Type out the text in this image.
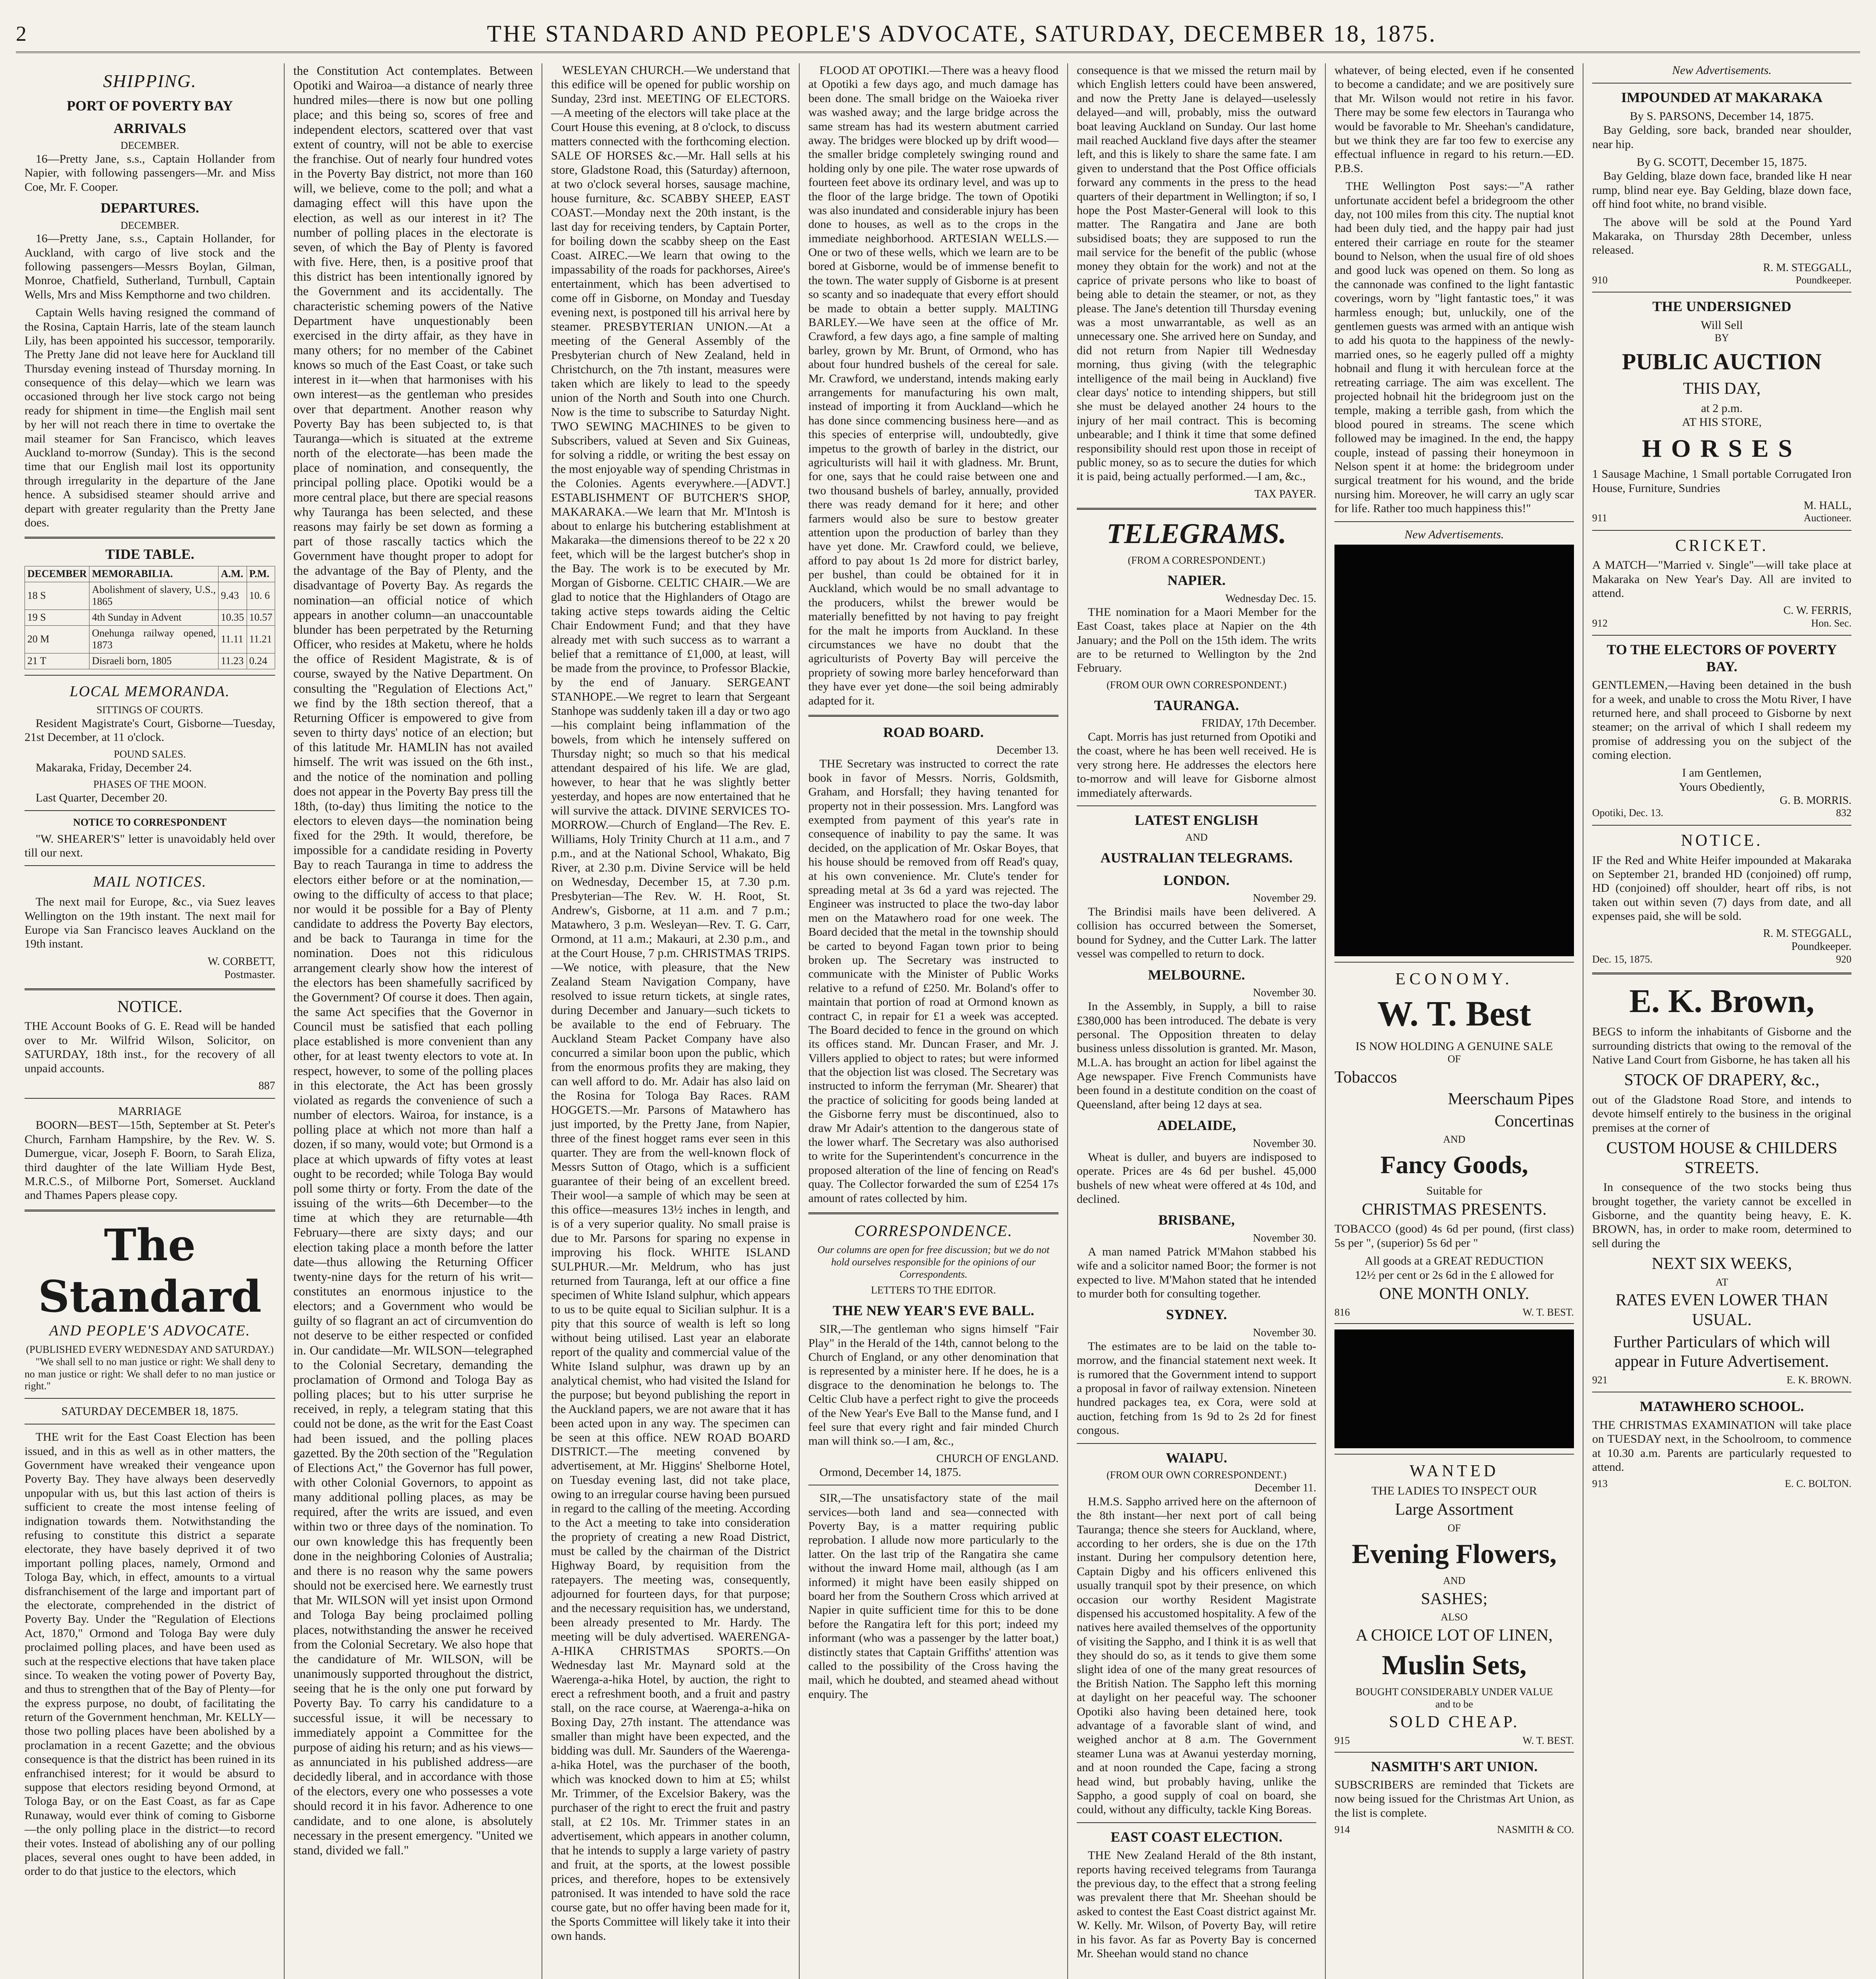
2	THE STANDARD AND PEOPLE'S ADVOCATE, SATURDAY, DECEMBER 18, 1875.
SHIPPING.
PORT OF POVERTY BAY
ARRIVALS
DECEMBER.

16—Pretty Jane, s.s., Captain Hollander from Napier, with following passengers—Mr. and Miss Coe, Mr. F. Cooper.

DEPARTURES.
DECEMBER.

16—Pretty Jane, s.s., Captain Hollander, for Auckland, with cargo of live stock and the following passengers—Messrs Boylan, Gilman, Monroe, Chatfield, Sutherland, Turnbull, Captain Wells, Mrs and Miss Kempthorne and two children.

Captain Wells having resigned the command of the Rosina, Captain Harris, late of the steam launch Lily, has been appointed his successor, temporarily. The Pretty Jane did not leave here for Auckland till Thursday evening instead of Thursday morning. In consequence of this delay—which we learn was occasioned through her live stock cargo not being ready for shipment in time—the English mail sent by her will not reach there in time to overtake the mail steamer for San Francisco, which leaves Auckland to-morrow (Sunday). This is the second time that our English mail lost its opportunity through irregularity in the departure of the Jane hence. A subsidised steamer should arrive and depart with greater regularity than the Pretty Jane does.

TIDE TABLE.
DECEMBER	MEMORABILIA.	A.M.	P.M.
18 S	Abolishment of slavery, U.S., 1865	9.43	10. 6
19 S	4th Sunday in Advent	10.35	10.57
20 M	Onehunga railway opened, 1873	11.11	11.21
21 T	Disraeli born, 1805	11.23	0.24
LOCAL MEMORANDA.
SITTINGS OF COURTS.

Resident Magistrate's Court, Gisborne—Tuesday, 21st December, at 11 o'clock.

POUND SALES.

Makaraka, Friday, December 24.

PHASES OF THE MOON.

Last Quarter, December 20.

NOTICE TO CORRESPONDENT

"W. SHEARER'S" letter is unavoidably held over till our next.

MAIL NOTICES.

The next mail for Europe, &c., via Suez leaves Wellington on the 19th instant. The next mail for Europe via San Francisco leaves Auckland on the 19th instant.

W. CORBETT,
Postmaster.
NOTICE.

THE Account Books of G. E. Read will be handed over to Mr. Wilfrid Wilson, Solicitor, on SATURDAY, 18th inst., for the recovery of all unpaid accounts.

887
MARRIAGE

BOORN—BEST—15th, September at St. Peter's Church, Farnham Hampshire, by the Rev. W. S. Dumergue, vicar, Joseph F. Boorn, to Sarah Eliza, third daughter of the late William Hyde Best, M.R.C.S., of Milborne Port, Somerset. Auckland and Thames Papers please copy.

The Standard
AND PEOPLE'S ADVOCATE.
(PUBLISHED EVERY WEDNESDAY AND SATURDAY.)

"We shall sell to no man justice or right: We shall deny to no man justice or right: We shall defer to no man justice or right."

SATURDAY DECEMBER 18, 1875.

THE writ for the East Coast Election has been issued, and in this as well as in other matters, the Government have wreaked their vengeance upon Poverty Bay. They have always been deservedly unpopular with us, but this last action of theirs is sufficient to create the most intense feeling of indignation towards them. Notwithstanding the refusing to constitute this district a separate electorate, they have basely deprived it of two important polling places, namely, Ormond and Tologa Bay, which, in effect, amounts to a virtual disfranchisement of the large and important part of the electorate, comprehended in the district of Poverty Bay. Under the "Regulation of Elections Act, 1870," Ormond and Tologa Bay were duly proclaimed polling places, and have been used as such at the respective elections that have taken place since. To weaken the voting power of Poverty Bay, and thus to strengthen that of the Bay of Plenty—for the express purpose, no doubt, of facilitating the return of the Government henchman, Mr. KELLY—those two polling places have been abolished by a proclamation in a recent Gazette; and the obvious consequence is that the district has been ruined in its enfranchised interest; for it would be absurd to suppose that electors residing beyond Ormond, at Tologa Bay, or on the East Coast, as far as Cape Runaway, would ever think of coming to Gisborne—the only polling place in the district—to record their votes. Instead of abolishing any of our polling places, several ones ought to have been added, in order to do that justice to the electors, which

the Constitution Act contemplates. Between Opotiki and Wairoa—a distance of nearly three hundred miles—there is now but one polling place; and this being so, scores of free and independent electors, scattered over that vast extent of country, will not be able to exercise the franchise. Out of nearly four hundred votes in the Poverty Bay district, not more than 160 will, we believe, come to the poll; and what a damaging effect will this have upon the election, as well as our interest in it? The number of polling places in the electorate is seven, of which the Bay of Plenty is favored with five. Here, then, is a positive proof that this district has been intentionally ignored by the Government and its accidentally. The characteristic scheming powers of the Native Department have unquestionably been exercised in the dirty affair, as they have in many others; for no member of the Cabinet knows so much of the East Coast, or take such interest in it—when that harmonises with his own interest—as the gentleman who presides over that department. Another reason why Poverty Bay has been subjected to, is that Tauranga—which is situated at the extreme north of the electorate—has been made the place of nomination, and consequently, the principal polling place. Opotiki would be a more central place, but there are special reasons why Tauranga has been selected, and these reasons may fairly be set down as forming a part of those rascally tactics which the Government have thought proper to adopt for the advantage of the Bay of Plenty, and the disadvantage of Poverty Bay. As regards the nomination—an official notice of which appears in another column—an unaccountable blunder has been perpetrated by the Returning Officer, who resides at Maketu, where he holds the office of Resident Magistrate, & is of course, swayed by the Native Department. On consulting the "Regulation of Elections Act," we find by the 18th section thereof, that a Returning Officer is empowered to give from seven to thirty days' notice of an election; but of this latitude Mr. HAMLIN has not availed himself. The writ was issued on the 6th inst., and the notice of the nomination and polling does not appear in the Poverty Bay press till the 18th, (to-day) thus limiting the notice to the electors to eleven days—the nomination being fixed for the 29th. It would, therefore, be impossible for a candidate residing in Poverty Bay to reach Tauranga in time to address the electors either before or at the nomination,—owing to the difficulty of access to that place; nor would it be possible for a Bay of Plenty candidate to address the Poverty Bay electors, and be back to Tauranga in time for the nomination. Does not this ridiculous arrangement clearly show how the interest of the electors has been shamefully sacrificed by the Government? Of course it does. Then again, the same Act specifies that the Governor in Council must be satisfied that each polling place established is more convenient than any other, for at least twenty electors to vote at. In respect, however, to some of the polling places in this electorate, the Act has been grossly violated as regards the convenience of such a number of electors. Wairoa, for instance, is a polling place at which not more than half a dozen, if so many, would vote; but Ormond is a place at which upwards of fifty votes at least ought to be recorded; while Tologa Bay would poll some thirty or forty. From the date of the issuing of the writs—6th December—to the time at which they are returnable—4th February—there are sixty days; and our election taking place a month before the latter date—thus allowing the Returning Officer twenty-nine days for the return of his writ—constitutes an enormous injustice to the electors; and a Government who would be guilty of so flagrant an act of circumvention do not deserve to be either respected or confided in. Our candidate—Mr. WILSON—telegraphed to the Colonial Secretary, demanding the proclamation of Ormond and Tologa Bay as polling places; but to his utter surprise he received, in reply, a telegram stating that this could not be done, as the writ for the East Coast had been issued, and the polling places gazetted. By the 20th section of the "Regulation of Elections Act," the Governor has full power, with other Colonial Governors, to appoint as many additional polling places, as may be required, after the writs are issued, and even within two or three days of the nomination. To our own knowledge this has frequently been done in the neighboring Colonies of Australia; and there is no reason why the same powers should not be exercised here. We earnestly trust that Mr. WILSON will yet insist upon Ormond and Tologa Bay being proclaimed polling places, notwithstanding the answer he received from the Colonial Secretary. We also hope that the candidature of Mr. WILSON, will be unanimously supported throughout the district, seeing that he is the only one put forward by Poverty Bay. To carry his candidature to a successful issue, it will be necessary to immediately appoint a Committee for the purpose of aiding his return; and as his views—as annunciated in his published address—are decidedly liberal, and in accordance with those of the electors, every one who possesses a vote should record it in his favor. Adherence to one candidate, and to one alone, is absolutely necessary in the present emergency. "United we stand, divided we fall."

WESLEYAN CHURCH.—We understand that this edifice will be opened for public worship on Sunday, 23rd inst. MEETING OF ELECTORS.—A meeting of the electors will take place at the Court House this evening, at 8 o'clock, to discuss matters connected with the forthcoming election. SALE OF HORSES &c.—Mr. Hall sells at his store, Gladstone Road, this (Saturday) afternoon, at two o'clock several horses, sausage machine, house furniture, &c. SCABBY SHEEP, EAST COAST.—Monday next the 20th instant, is the last day for receiving tenders, by Captain Porter, for boiling down the scabby sheep on the East Coast. AIREC.—We learn that owing to the impassability of the roads for packhorses, Airee's entertainment, which has been advertised to come off in Gisborne, on Monday and Tuesday evening next, is postponed till his arrival here by steamer. PRESBYTERIAN UNION.—At a meeting of the General Assembly of the Presbyterian church of New Zealand, held in Christchurch, on the 7th instant, measures were taken which are likely to lead to the speedy union of the North and South into one Church. Now is the time to subscribe to Saturday Night. TWO SEWING MACHINES to be given to Subscribers, valued at Seven and Six Guineas, for solving a riddle, or writing the best essay on the most enjoyable way of spending Christmas in the Colonies. Agents everywhere.—[ADVT.] ESTABLISHMENT OF BUTCHER'S SHOP, MAKARAKA.—We learn that Mr. M'Intosh is about to enlarge his butchering establishment at Makaraka—the dimensions thereof to be 22 x 20 feet, which will be the largest butcher's shop in the Bay. The work is to be executed by Mr. Morgan of Gisborne. CELTIC CHAIR.—We are glad to notice that the Highlanders of Otago are taking active steps towards aiding the Celtic Chair Endowment Fund; and that they have already met with such success as to warrant a belief that a remittance of £1,000, at least, will be made from the province, to Professor Blackie, by the end of January. SERGEANT STANHOPE.—We regret to learn that Sergeant Stanhope was suddenly taken ill a day or two ago—his complaint being inflammation of the bowels, from which he intensely suffered on Thursday night; so much so that his medical attendant despaired of his life. We are glad, however, to hear that he was slightly better yesterday, and hopes are now entertained that he will survive the attack. DIVINE SERVICES TO-MORROW.—Church of England—The Rev. E. Williams, Holy Trinity Church at 11 a.m., and 7 p.m., and at the National School, Whakato, Big River, at 2.30 p.m. Divine Service will be held on Wednesday, December 15, at 7.30 p.m. Presbyterian—The Rev. W. H. Root, St. Andrew's, Gisborne, at 11 a.m. and 7 p.m.; Matawhero, 3 p.m. Wesleyan—Rev. T. G. Carr, Ormond, at 11 a.m.; Makauri, at 2.30 p.m., and at the Court House, 7 p.m. CHRISTMAS TRIPS.—We notice, with pleasure, that the New Zealand Steam Navigation Company, have resolved to issue return tickets, at single rates, during December and January—such tickets to be available to the end of February. The Auckland Steam Packet Company have also concurred a similar boon upon the public, which from the enormous profits they are making, they can well afford to do. Mr. Adair has also laid on the Rosina for Tologa Bay Races. RAM HOGGETS.—Mr. Parsons of Matawhero has just imported, by the Pretty Jane, from Napier, three of the finest hogget rams ever seen in this quarter. They are from the well-known flock of Messrs Sutton of Otago, which is a sufficient guarantee of their being of an excellent breed. Their wool—a sample of which may be seen at this office—measures 13½ inches in length, and is of a very superior quality. No small praise is due to Mr. Parsons for sparing no expense in improving his flock. WHITE ISLAND SULPHUR.—Mr. Meldrum, who has just returned from Tauranga, left at our office a fine specimen of White Island sulphur, which appears to us to be quite equal to Sicilian sulphur. It is a pity that this source of wealth is left so long without being utilised. Last year an elaborate report of the quality and commercial value of the White Island sulphur, was drawn up by an analytical chemist, who had visited the Island for the purpose; but beyond publishing the report in the Auckland papers, we are not aware that it has been acted upon in any way. The specimen can be seen at this office. NEW ROAD BOARD DISTRICT.—The meeting convened by advertisement, at Mr. Higgins' Shelborne Hotel, on Tuesday evening last, did not take place, owing to an irregular course having been pursued in regard to the calling of the meeting. According to the Act a meeting to take into consideration the propriety of creating a new Road District, must be called by the chairman of the District Highway Board, by requisition from the ratepayers. The meeting was, consequently, adjourned for fourteen days, for that purpose; and the necessary requisition has, we understand, been already presented to Mr. Hardy. The meeting will be duly advertised. WAERENGA-A-HIKA CHRISTMAS SPORTS.—On Wednesday last Mr. Maynard sold at the Waerenga-a-hika Hotel, by auction, the right to erect a refreshment booth, and a fruit and pastry stall, on the race course, at Waerenga-a-hika on Boxing Day, 27th instant. The attendance was smaller than might have been expected, and the bidding was dull. Mr. Saunders of the Waerenga-a-hika Hotel, was the purchaser of the booth, which was knocked down to him at £5; whilst Mr. Trimmer, of the Excelsior Bakery, was the purchaser of the right to erect the fruit and pastry stall, at £2 10s. Mr. Trimmer states in an advertisement, which appears in another column, that he intends to supply a large variety of pastry and fruit, at the sports, at the lowest possible prices, and therefore, hopes to be extensively patronised. It was intended to have sold the race course gate, but no offer having been made for it, the Sports Committee will likely take it into their own hands.

FLOOD AT OPOTIKI.—There was a heavy flood at Opotiki a few days ago, and much damage has been done. The small bridge on the Waioeka river was washed away; and the large bridge across the same stream has had its western abutment carried away. The bridges were blocked up by drift wood—the smaller bridge completely swinging round and holding only by one pile. The water rose upwards of fourteen feet above its ordinary level, and was up to the floor of the large bridge. The town of Opotiki was also inundated and considerable injury has been done to houses, as well as to the crops in the immediate neighborhood. ARTESIAN WELLS.—One or two of these wells, which we learn are to be bored at Gisborne, would be of immense benefit to the town. The water supply of Gisborne is at present so scanty and so inadequate that every effort should be made to obtain a better supply. MALTING BARLEY.—We have seen at the office of Mr. Crawford, a few days ago, a fine sample of malting barley, grown by Mr. Brunt, of Ormond, who has about four hundred bushels of the cereal for sale. Mr. Crawford, we understand, intends making early arrangements for manufacturing his own malt, instead of importing it from Auckland—which he has done since commencing business here—and as this species of enterprise will, undoubtedly, give impetus to the growth of barley in the district, our agriculturists will hail it with gladness. Mr. Brunt, for one, says that he could raise between one and two thousand bushels of barley, annually, provided there was ready demand for it here; and other farmers would also be sure to bestow greater attention upon the production of barley than they have yet done. Mr. Crawford could, we believe, afford to pay about 1s 2d more for district barley, per bushel, than could be obtained for it in Auckland, which would be no small advantage to the producers, whilst the brewer would be materially benefitted by not having to pay freight for the malt he imports from Auckland. In these circumstances we have no doubt that the agriculturists of Poverty Bay will perceive the propriety of sowing more barley henceforward than they have ever yet done—the soil being admirably adapted for it.

ROAD BOARD.
December 13.

THE Secretary was instructed to correct the rate book in favor of Messrs. Norris, Goldsmith, Graham, and Horsfall; they having tenanted for property not in their possession. Mrs. Langford was exempted from payment of this year's rate in consequence of inability to pay the same. It was decided, on the application of Mr. Oskar Boyes, that his house should be removed from off Read's quay, at his own convenience. Mr. Clute's tender for spreading metal at 3s 6d a yard was rejected. The Engineer was instructed to place the two-day labor men on the Matawhero road for one week. The Board decided that the metal in the township should be carted to beyond Fagan town prior to being broken up. The Secretary was instructed to communicate with the Minister of Public Works relative to a refund of £250. Mr. Boland's offer to maintain that portion of road at Ormond known as contract C, in repair for £1 a week was accepted. The Board decided to fence in the ground on which its offices stand. Mr. Duncan Fraser, and Mr. J. Villers applied to object to rates; but were informed that the objection list was closed. The Secretary was instructed to inform the ferryman (Mr. Shearer) that the practice of soliciting for goods being landed at the Gisborne ferry must be discontinued, also to draw Mr Adair's attention to the dangerous state of the lower wharf. The Secretary was also authorised to write for the Superintendent's concurrence in the proposed alteration of the line of fencing on Read's quay. The Collector forwarded the sum of £254 17s amount of rates collected by him.

CORRESPONDENCE.

Our columns are open for free discussion; but we do not hold ourselves responsible for the opinions of our Correspondents.

LETTERS TO THE EDITOR.
THE NEW YEAR'S EVE BALL.

SIR,—The gentleman who signs himself "Fair Play" in the Herald of the 14th, cannot belong to the Church of England, or any other denomination that is represented by a minister here. If he does, he is a disgrace to the denomination he belongs to. The Celtic Club have a perfect right to give the proceeds of the New Year's Eve Ball to the Manse fund, and I feel sure that every right and fair minded Church man will think so.—I am, &c.,

CHURCH OF ENGLAND.

Ormond, December 14, 1875.

SIR,—The unsatisfactory state of the mail services—both land and sea—connected with Poverty Bay, is a matter requiring public reprobation. I allude now more particularly to the latter. On the last trip of the Rangatira she came without the inward Home mail, although (as I am informed) it might have been easily shipped on board her from the Southern Cross which arrived at Napier in quite sufficient time for this to be done before the Rangatira left for this port; indeed my informant (who was a passenger by the latter boat,) distinctly states that Captain Griffiths' attention was called to the possibility of the Cross having the mail, which he doubted, and steamed ahead without enquiry. The

consequence is that we missed the return mail by which English letters could have been answered, and now the Pretty Jane is delayed—uselessly delayed—and will, probably, miss the outward boat leaving Auckland on Sunday. Our last home mail reached Auckland five days after the steamer left, and this is likely to share the same fate. I am given to understand that the Post Office officials forward any comments in the press to the head quarters of their department in Wellington; if so, I hope the Post Master-General will look to this matter. The Rangatira and Jane are both subsidised boats; they are supposed to run the mail service for the benefit of the public (whose money they obtain for the work) and not at the caprice of private persons who like to boast of being able to detain the steamer, or not, as they please. The Jane's detention till Thursday evening was a most unwarrantable, as well as an unnecessary one. She arrived here on Sunday, and did not return from Napier till Wednesday morning, thus giving (with the telegraphic intelligence of the mail being in Auckland) five clear days' notice to intending shippers, but still she must be delayed another 24 hours to the injury of her mail contract. This is becoming unbearable; and I think it time that some defined responsibility should rest upon those in receipt of public money, so as to secure the duties for which it is paid, being actually performed.—I am, &c.,

TAX PAYER.
TELEGRAMS.
(FROM A CORRESPONDENT.)
NAPIER.
Wednesday Dec. 15.

THE nomination for a Maori Member for the East Coast, takes place at Napier on the 4th January; and the Poll on the 15th idem. The writs are to be returned to Wellington by the 2nd February.

(FROM OUR OWN CORRESPONDENT.)
TAURANGA.
FRIDAY, 17th December.

Capt. Morris has just returned from Opotiki and the coast, where he has been well received. He is very strong here. He addresses the electors here to-morrow and will leave for Gisborne almost immediately afterwards.

LATEST ENGLISH
AND
AUSTRALIAN TELEGRAMS.
LONDON.
November 29.

The Brindisi mails have been delivered. A collision has occurred between the Somerset, bound for Sydney, and the Cutter Lark. The latter vessel was compelled to return to dock.

MELBOURNE.
November 30.

In the Assembly, in Supply, a bill to raise £380,000 has been introduced. The debate is very personal. The Opposition threaten to delay business unless dissolution is granted. Mr. Mason, M.L.A. has brought an action for libel against the Age newspaper. Five French Communists have been found in a destitute condition on the coast of Queensland, after being 12 days at sea.

ADELAIDE,
November 30.

Wheat is duller, and buyers are indisposed to operate. Prices are 4s 6d per bushel. 45,000 bushels of new wheat were offered at 4s 10d, and declined.

BRISBANE,
November 30.

A man named Patrick M'Mahon stabbed his wife and a solicitor named Boor; the former is not expected to live. M'Mahon stated that he intended to murder both for consulting together.

SYDNEY.
November 30.

The estimates are to be laid on the table to-morrow, and the financial statement next week. It is rumored that the Government intend to support a proposal in favor of railway extension. Nineteen hundred packages tea, ex Cora, were sold at auction, fetching from 1s 9d to 2s 2d for finest congous.

WAIAPU.
(FROM OUR OWN CORRESPONDENT.)
December 11.

H.M.S. Sappho arrived here on the afternoon of the 8th instant—her next port of call being Tauranga; thence she steers for Auckland, where, according to her orders, she is due on the 17th instant. During her compulsory detention here, Captain Digby and his officers enlivened this usually tranquil spot by their presence, on which occasion our worthy Resident Magistrate dispensed his accustomed hospitality. A few of the natives here availed themselves of the opportunity of visiting the Sappho, and I think it is as well that they should do so, as it tends to give them some slight idea of one of the many great resources of the British Nation. The Sappho left this morning at daylight on her peaceful way. The schooner Opotiki also having been detained here, took advantage of a favorable slant of wind, and weighed anchor at 8 a.m. The Government steamer Luna was at Awanui yesterday morning, and at noon rounded the Cape, facing a strong head wind, but probably having, unlike the Sappho, a good supply of coal on board, she could, without any difficulty, tackle King Boreas.

EAST COAST ELECTION.

THE New Zealand Herald of the 8th instant, reports having received telegrams from Tauranga the previous day, to the effect that a strong feeling was prevalent there that Mr. Sheehan should be asked to contest the East Coast district against Mr. W. Kelly. Mr. Wilson, of Poverty Bay, will retire in his favor. As far as Poverty Bay is concerned Mr. Sheehan would stand no chance

whatever, of being elected, even if he consented to become a candidate; and we are positively sure that Mr. Wilson would not retire in his favor. There may be some few electors in Tauranga who would be favorable to Mr. Sheehan's candidature, but we think they are far too few to exercise any effectual influence in regard to his return.—ED. P.B.S.

THE Wellington Post says:—"A rather unfortunate accident befel a bridegroom the other day, not 100 miles from this city. The nuptial knot had been duly tied, and the happy pair had just entered their carriage en route for the steamer bound to Nelson, when the usual fire of old shoes and good luck was opened on them. So long as the cannonade was confined to the light fantastic coverings, worn by "light fantastic toes," it was harmless enough; but, unluckily, one of the gentlemen guests was armed with an antique wish to add his quota to the happiness of the newly-married ones, so he eagerly pulled off a mighty hobnail and flung it with herculean force at the retreating carriage. The aim was excellent. The projected hobnail hit the bridegroom just on the temple, making a terrible gash, from which the blood poured in streams. The scene which followed may be imagined. In the end, the happy couple, instead of passing their honeymoon in Nelson spent it at home: the bridegroom under surgical treatment for his wound, and the bride nursing him. Moreover, he will carry an ugly scar for life. Rather too much happiness this!"

New Advertisements.
ECONOMY.
W. T. Best
IS NOW HOLDING A GENUINE SALE
OF
Tobaccos
Meerschaum Pipes
Concertinas
AND
Fancy Goods,
Suitable for
CHRISTMAS PRESENTS.

TOBACCO (good) 4s 6d per pound, (first class) 5s per ", (superior) 5s 6d per "

All goods at a GREAT REDUCTION
12½ per cent or 2s 6d in the £ allowed for
ONE MONTH ONLY.
816	W. T. BEST.
WANTED
THE LADIES TO INSPECT OUR
Large Assortment
OF
Evening Flowers,
AND
SASHES;
ALSO
A CHOICE LOT OF LINEN,
Muslin Sets,
BOUGHT CONSIDERABLY UNDER VALUE
and to be
SOLD CHEAP.
915	W. T. BEST.
NASMITH'S ART UNION.

SUBSCRIBERS are reminded that Tickets are now being issued for the Christmas Art Union, as the list is complete.

914	NASMITH & CO.
New Advertisements.
IMPOUNDED AT MAKARAKA
By S. PARSONS, December 14, 1875.

Bay Gelding, sore back, branded near shoulder, near hip.

By G. SCOTT, December 15, 1875.

Bay Gelding, blaze down face, branded like H near rump, blind near eye. Bay Gelding, blaze down face, off hind foot white, no brand visible.

The above will be sold at the Pound Yard Makaraka, on Thursday 28th December, unless released.

R. M. STEGGALL,
910	Poundkeeper.
THE UNDERSIGNED
Will Sell
BY
PUBLIC AUCTION
THIS DAY,
at 2 p.m.
AT HIS STORE,
HORSES

1 Sausage Machine, 1 Small portable Corrugated Iron House, Furniture, Sundries

M. HALL,
911	Auctioneer.
CRICKET.

A MATCH—"Married v. Single"—will take place at Makaraka on New Year's Day. All are invited to attend.

C. W. FERRIS,
912	Hon. Sec.
TO THE ELECTORS OF POVERTY BAY.

GENTLEMEN,—Having been detained in the bush for a week, and unable to cross the Motu River, I have returned here, and shall proceed to Gisborne by next steamer; on the arrival of which I shall redeem my promise of addressing you on the subject of the coming election.

I am Gentlemen,
Yours Obediently,
G. B. MORRIS.
Opotiki, Dec. 13.	832
NOTICE.

IF the Red and White Heifer impounded at Makaraka on September 21, branded HD (conjoined) off rump, HD (conjoined) off shoulder, heart off ribs, is not taken out within seven (7) days from date, and all expenses paid, she will be sold.

R. M. STEGGALL,
Poundkeeper.
Dec. 15, 1875.	920
E. K. Brown,

BEGS to inform the inhabitants of Gisborne and the surrounding districts that owing to the removal of the Native Land Court from Gisborne, he has taken all his

STOCK OF DRAPERY, &c.,

out of the Gladstone Road Store, and intends to devote himself entirely to the business in the original premises at the corner of

CUSTOM HOUSE & CHILDERS STREETS.

In consequence of the two stocks being thus brought together, the variety cannot be excelled in Gisborne, and the quantity being heavy, E. K. BROWN, has, in order to make room, determined to sell during the

NEXT SIX WEEKS,
AT
RATES EVEN LOWER THAN USUAL.
Further Particulars of which will appear in Future Advertisement.
921	E. K. BROWN.
MATAWHERO SCHOOL.

THE CHRISTMAS EXAMINATION will take place on TUESDAY next, in the Schoolroom, to commence at 10.30 a.m. Parents are particularly requested to attend.

913	E. C. BOLTON.
